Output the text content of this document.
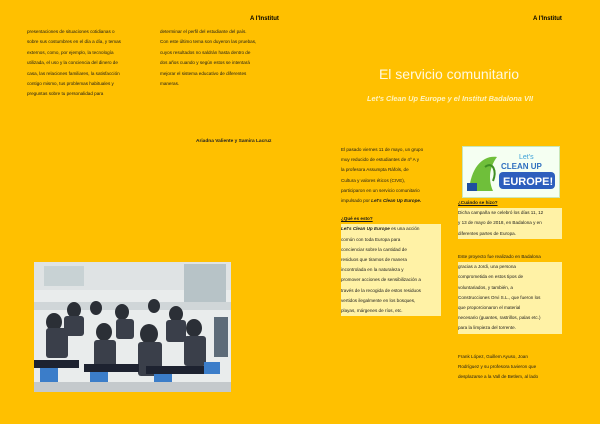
A l'Institut
presentaciones de situaciones cotidianas o
sobre sus costumbres en el día a día, y temas
externos, como, por ejemplo, la tecnología
utilizada, el uso y la conciencia del dinero de
casa, las relaciones familiares, la satisfacción
contigo mismo, tus problemas habituales y
preguntas sobre tu personalidad para
determinar el perfil del estudiante del país.
Con este último tema son duyeron las pruebas,
cuyos resultados no saldrán hasta dentro de
dos años cuando y según estos se intentará
mejorar el sistema educativo de diferentes
maneras.
Ariadna Valiente y Samira Lacruz
A l'Institut
El servicio comunitario
Let's Clean Up Europe y el Institut Badalona VII
El pasado viernes 11 de mayo, un grupo
muy reducido de estudiantes de 4º A y
la profesora Assumpta Ràfols, de
Cultura y valores éticos (CIVE),
participaron en un servicio comunitario
impulsado por Let's Clean Up Europe.
¿Qué es esto?
Let's Clean Up Europe es una acción
común con toda Europa para
concienciar sobre la cantidad de
residuos que tiramos de manera
incontrolada en la naturaleza y
promover acciones de sensibilización a
través de la recogida de estos residuos
vertidos ilegalmente en los bosques,
playas, márgenes de ríos, etc.
Let's
CLEAN UP
EUROPE!
¿Cuándo se hizo?
Dicha campaña se celebró los días 11, 12
y 13 de mayo de 2018, en Badalona y en
diferentes partes de Europa.
Este proyecto fue realizado en Badalona
gracias a Jordi, una persona
comprometida en estos tipos de
voluntariados, y también, a
Construcciones Orvi S.L., que fueron los
que proporcionaron el material
necesario (guantes, rastrillos, palas etc.)
para la limpieza del torrente.
Frank López, Guillem Ayuso, Joan
Rodríguez y su profesora tuvieron que
desplazarse a la Vall de Betlem, al lado
